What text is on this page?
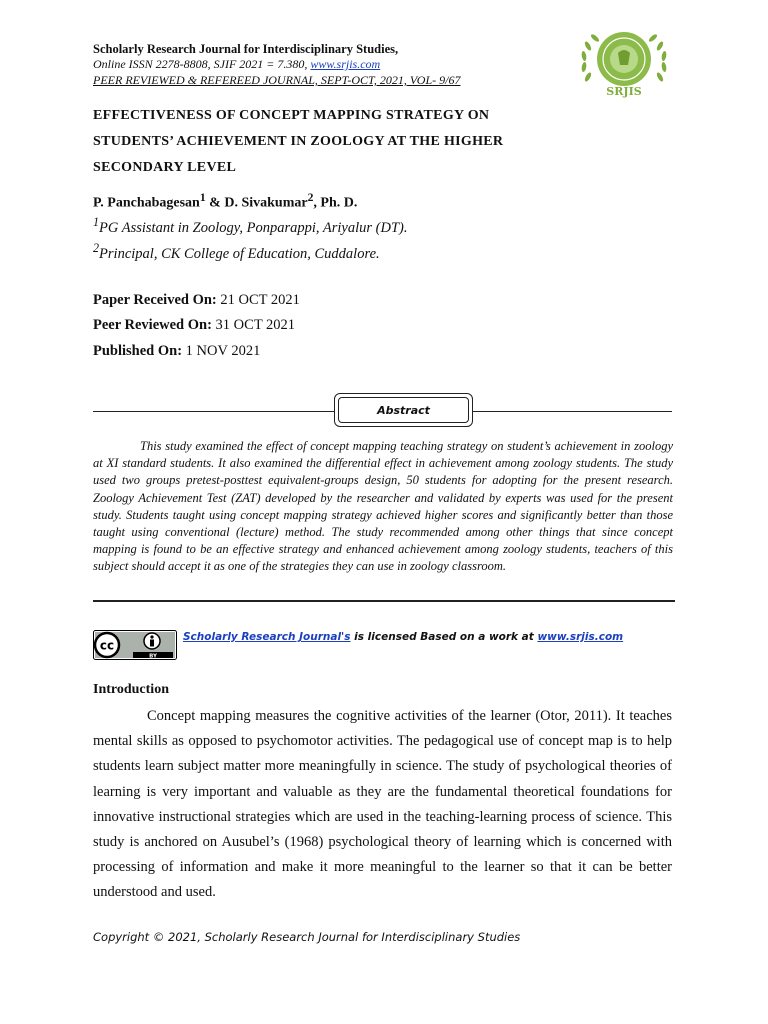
Scholarly Research Journal for Interdisciplinary Studies,
Online ISSN 2278-8808, SJIF 2021 = 7.380, www.srjis.com
PEER REVIEWED & REFEREED JOURNAL, SEPT-OCT, 2021, VOL- 9/67
SRJIS
EFFECTIVENESS OF CONCEPT MAPPING STRATEGY ON
STUDENTS’ ACHIEVEMENT IN ZOOLOGY AT THE HIGHER
SECONDARY LEVEL
P. Panchabagesan$^1$ & D. Sivakumar$^2$, Ph. D.
$^1$PG Assistant in Zoology, Ponparappi, Ariyalur (DT).
$^2$Principal, CK College of Education, Cuddalore.
Paper Received On: 21 OCT 2021
Peer Reviewed On: 31 OCT 2021
Published On: 1 NOV 2021
Abstract
This study examined the effect of concept mapping teaching strategy on student’s achievement in zoology at XI standard students. It also examined the differential effect in achievement among zoology students. The study used two groups pretest-posttest equivalent-groups design, 50 students for adopting for the present research. Zoology Achievement Test (ZAT) developed by the researcher and validated by experts was used for the present study. Students taught using concept mapping strategy achieved higher scores and significantly better than those taught using conventional (lecture) method. The study recommended among other things that since concept mapping is found to be an effective strategy and enhanced achievement among zoology students, teachers of this subject should accept it as one of the strategies they can use in zoology classroom.
cc
BY
Scholarly Research Journal's is licensed Based on a work at www.srjis.com
Introduction
Concept mapping measures the cognitive activities of the learner (Otor, 2011). It teaches mental skills as opposed to psychomotor activities. The pedagogical use of concept map is to help students learn subject matter more meaningfully in science. The study of psychological theories of learning is very important and valuable as they are the fundamental theoretical foundations for innovative instructional strategies which are used in the teaching-learning process of science. This study is anchored on Ausubel’s (1968) psychological theory of learning which is concerned with processing of information and make it more meaningful to the learner so that it can be better understood and used.
Copyright © 2021, Scholarly Research Journal for Interdisciplinary Studies
